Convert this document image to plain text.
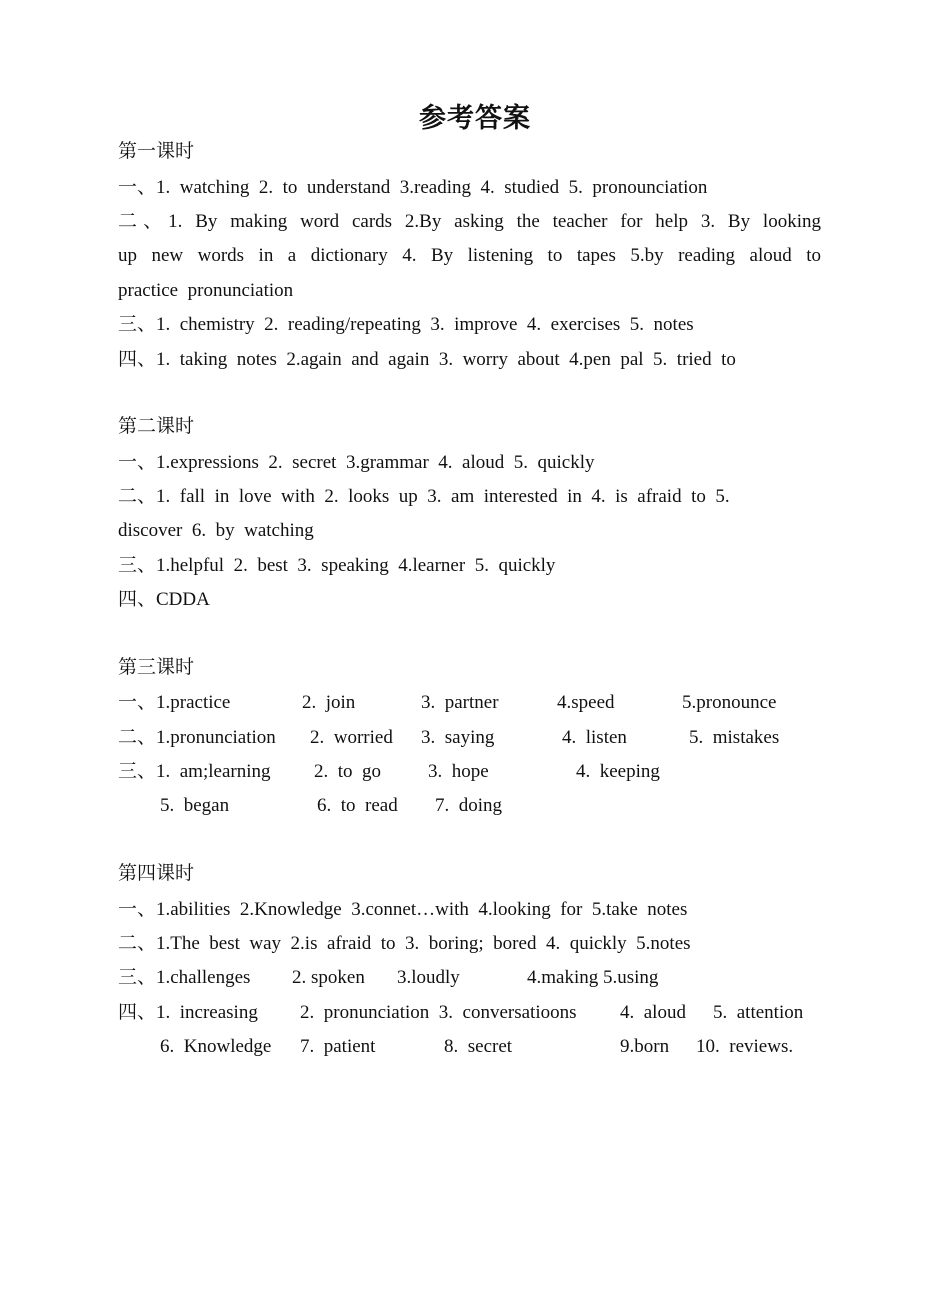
参考答案
第一课时
一、1.  watching  2.  to  understand  3.reading  4.  studied  5.  pronounciation
二、1. By making word cards 2.By asking the teacher for help 3. By looking
up new words in a dictionary 4. By listening to tapes 5.by reading aloud to
practice  pronunciation
三、1.  chemistry  2.  reading/repeating  3.  improve  4.  exercises  5.  notes
四、1.  taking  notes  2.again  and  again  3.  worry  about  4.pen  pal  5.  tried  to
第二课时
一、1.expressions  2.  secret  3.grammar  4.  aloud  5.  quickly
二、1.  fall  in  love  with  2.  looks  up  3.  am  interested  in  4.  is  afraid  to  5.
discover  6.  by  watching
三、1.helpful  2.  best  3.  speaking  4.learner  5.  quickly
四、CDDA
第三课时
一、1.practice	2.  join	3.  partner	4.speed	5.pronounce
二、1.pronunciation 2.  worried 3.  saying	4.  listen	5.  mistakes
三、1.  am;learning 2.  to  go 3.  hope	4.  keeping
5.  began	6.  to  read 7.  doing
第四课时
一、1.abilities  2.Knowledge  3.connet…with  4.looking  for  5.take  notes
二、1.The  best  way  2.is  afraid  to  3.  boring;  bored  4.  quickly  5.notes
三、1.challenges 2. spoken 3.loudly	4.making 5.using
四、1.  increasing 2.  pronunciation  3.  conversatioons 4.  aloud 5.  attention
6.  Knowledge 7.  patient	8.  secret	9.born 10.  reviews.
